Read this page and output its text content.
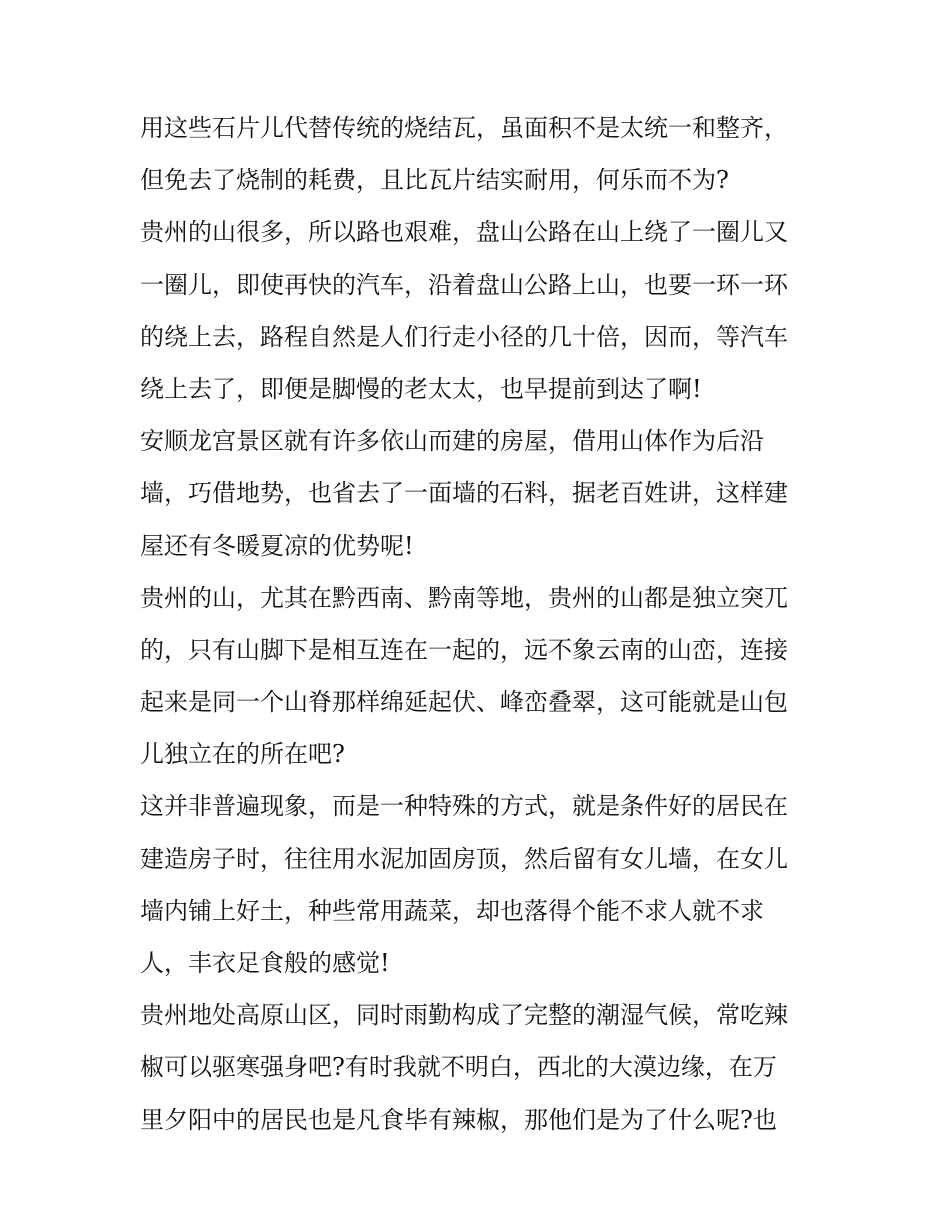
用这些石片儿代替传统的烧结瓦，虽面积不是太统一和整齐，
但免去了烧制的耗费，且比瓦片结实耐用，何乐而不为?
贵州的山很多，所以路也艰难，盘山公路在山上绕了一圈儿又
一圈儿，即使再快的汽车，沿着盘山公路上山，也要一环一环
的绕上去，路程自然是人们行走小径的几十倍，因而，等汽车
绕上去了，即便是脚慢的老太太，也早提前到达了啊!
安顺龙宫景区就有许多依山而建的房屋，借用山体作为后沿
墙，巧借地势，也省去了一面墙的石料，据老百姓讲，这样建
屋还有冬暖夏凉的优势呢!
贵州的山，尤其在黔西南、黔南等地，贵州的山都是独立突兀
的，只有山脚下是相互连在一起的，远不象云南的山峦，连接
起来是同一个山脊那样绵延起伏、峰峦叠翠，这可能就是山包
儿独立在的所在吧?
这并非普遍现象，而是一种特殊的方式，就是条件好的居民在
建造房子时，往往用水泥加固房顶，然后留有女儿墙，在女儿
墙内铺上好土，种些常用蔬菜，却也落得个能不求人就不求
人，丰衣足食般的感觉!
贵州地处高原山区，同时雨勤构成了完整的潮湿气候，常吃辣
椒可以驱寒强身吧?有时我就不明白，西北的大漠边缘，在万
里夕阳中的居民也是凡食毕有辣椒，那他们是为了什么呢?也
